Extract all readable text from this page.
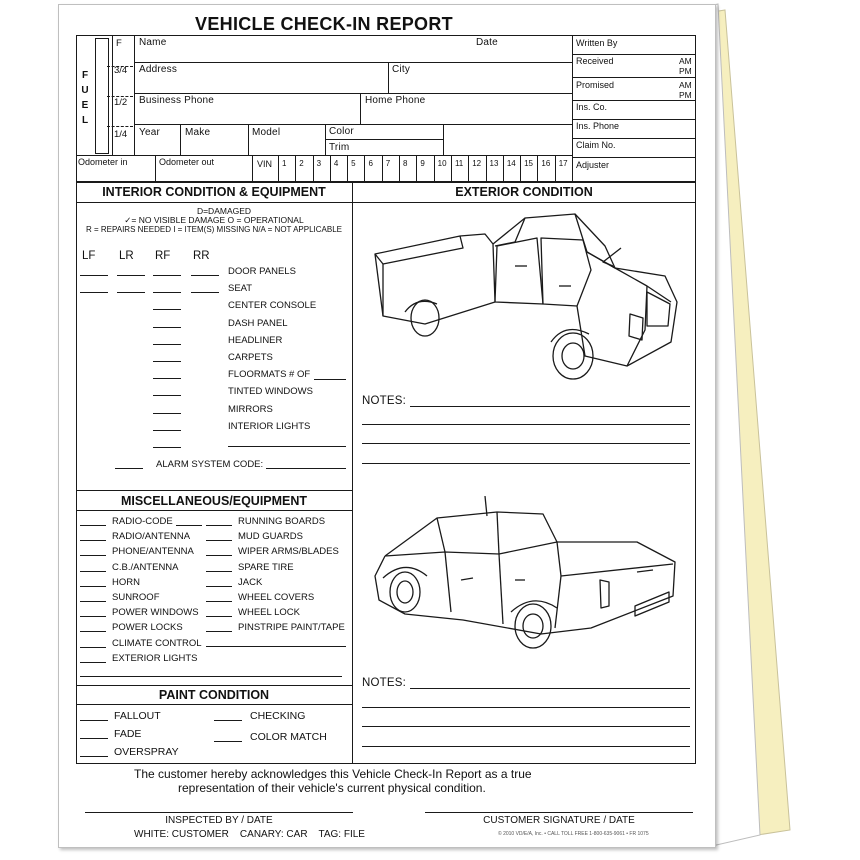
VEHICLE CHECK-IN REPORT
FUEL
F
3/4
1/2
1/4
Name	Date
Address	City
Business Phone	Home Phone
Year Make	Model	Color
Trim
Odometer in	Odometer out	VIN 1 2 3 4 5 6 7 8 9 10 11 12 13 14 15 16 17
Written By
Received	AM
PM
Promised	AM
PM
Ins. Co.
Ins. Phone
Claim No.
Adjuster
INTERIOR CONDITION & EQUIPMENT	EXTERIOR CONDITION
D=DAMAGED
✓= NO VISIBLE DAMAGE O = OPERATIONAL
R = REPAIRS NEEDED I = ITEM(S) MISSING N/A = NOT APPLICABLE
LF LR RF RR
DOOR PANELS
SEAT
CENTER CONSOLE
DASH PANEL
HEADLINER
CARPETS
FLOORMATS # OF
TINTED WINDOWS
MIRRORS
INTERIOR LIGHTS
ALARM SYSTEM CODE:
MISCELLANEOUS/EQUIPMENT
RADIO-CODE
RADIO/ANTENNA
PHONE/ANTENNA
C.B./ANTENNA
HORN
SUNROOF
POWER WINDOWS
POWER LOCKS
CLIMATE CONTROL
EXTERIOR LIGHTS
RUNNING BOARDS
MUD GUARDS
WIPER ARMS/BLADES
SPARE TIRE
JACK
WHEEL COVERS
WHEEL LOCK
PINSTRIPE PAINT/TAPE
PAINT CONDITION
FALLOUT
FADE
OVERSPRAY
CHECKING
COLOR MATCH
NOTES:
NOTES:
The customer hereby acknowledges this Vehicle Check-In Report as a true
representation of their vehicle's current physical condition.
INSPECTED BY / DATE	CUSTOMER SIGNATURE / DATE
WHITE: CUSTOMER    CANARY: CAR    TAG: FILE	© 2010 VD/E/A, Inc. • CALL TOLL FREE 1-800-635-9061 • FR 1075
